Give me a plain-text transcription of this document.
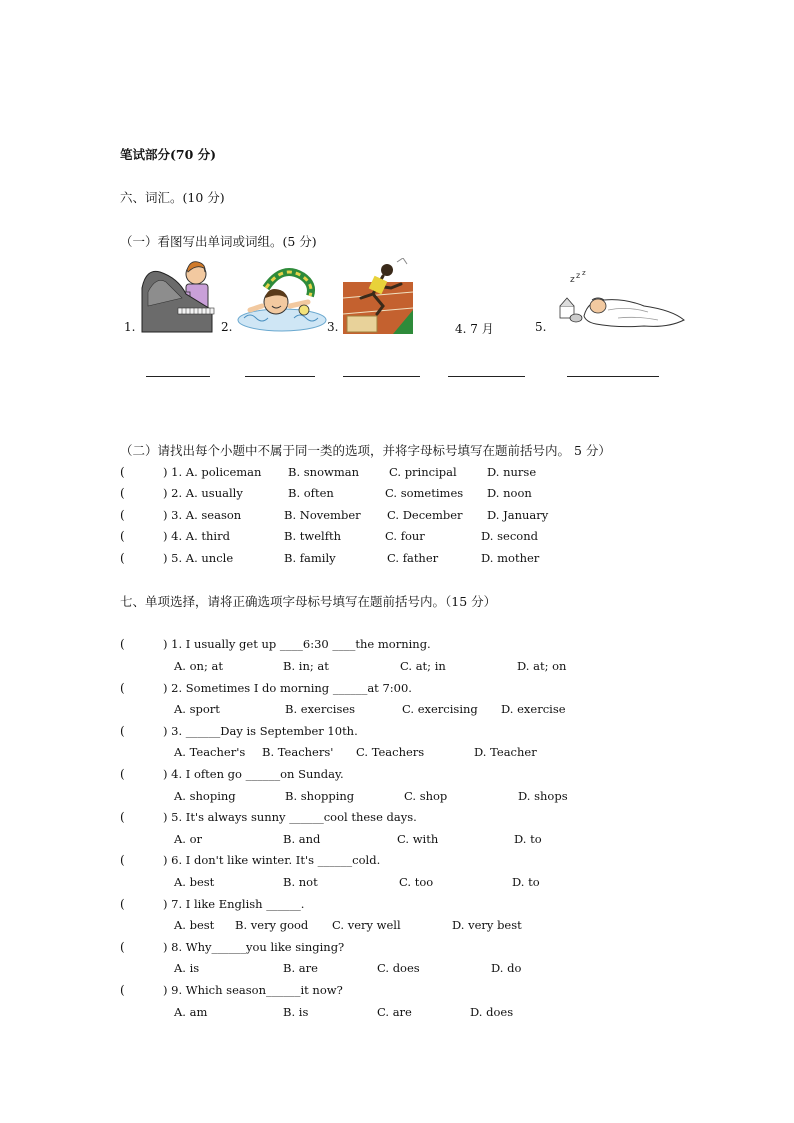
笔试部分(70 分)
六、词汇。(10 分)
（一）看图写出单词或词组。(5 分)
1.	2.	3.	4. 7 月	5.
z z z
（二）请找出每个小题中不属于同一类的选项，并将字母标号填写在题前括号内。 5 分）
(	) 1. A. policeman B. snowman	C. principal	D. nurse
(	) 2. A. usually	B. often	C. sometimes D. noon
(	) 3. A. season	B. November C. December D. January
(	) 4. A. third	B. twelfth	C. four	D. second
(	) 5. A. uncle	B. family	C. father	D. mother
七、单项选择，请将正确选项字母标号填写在题前括号内。（15 分）
(	) 1. I usually get up ____6:30 ____the morning.
A. on; at	B. in; at	C. at; in	D. at; on
(	) 2. Sometimes I do morning ______at 7:00.
A. sport	B. exercises	C. exercising D. exercise
(	) 3. ______Day is September 10th.
A. Teacher's B. Teachers' C. Teachers	D. Teacher
(	) 4. I often go ______on Sunday.
A. shoping	B. shopping	C. shop	D. shops
(	) 5. It's always sunny ______cool these days.
A. or	B. and	C. with	D. to
(	) 6. I don't like winter. It's ______cold.
A. best	B. not	C. too	D. to
(	) 7. I like English ______.
A. best B. very good C. very well	D. very best
(	) 8. Why______you like singing?
A. is	B. are	C. does	D. do
(	) 9. Which season______it now?
A. am	B. is	C. are	D. does
